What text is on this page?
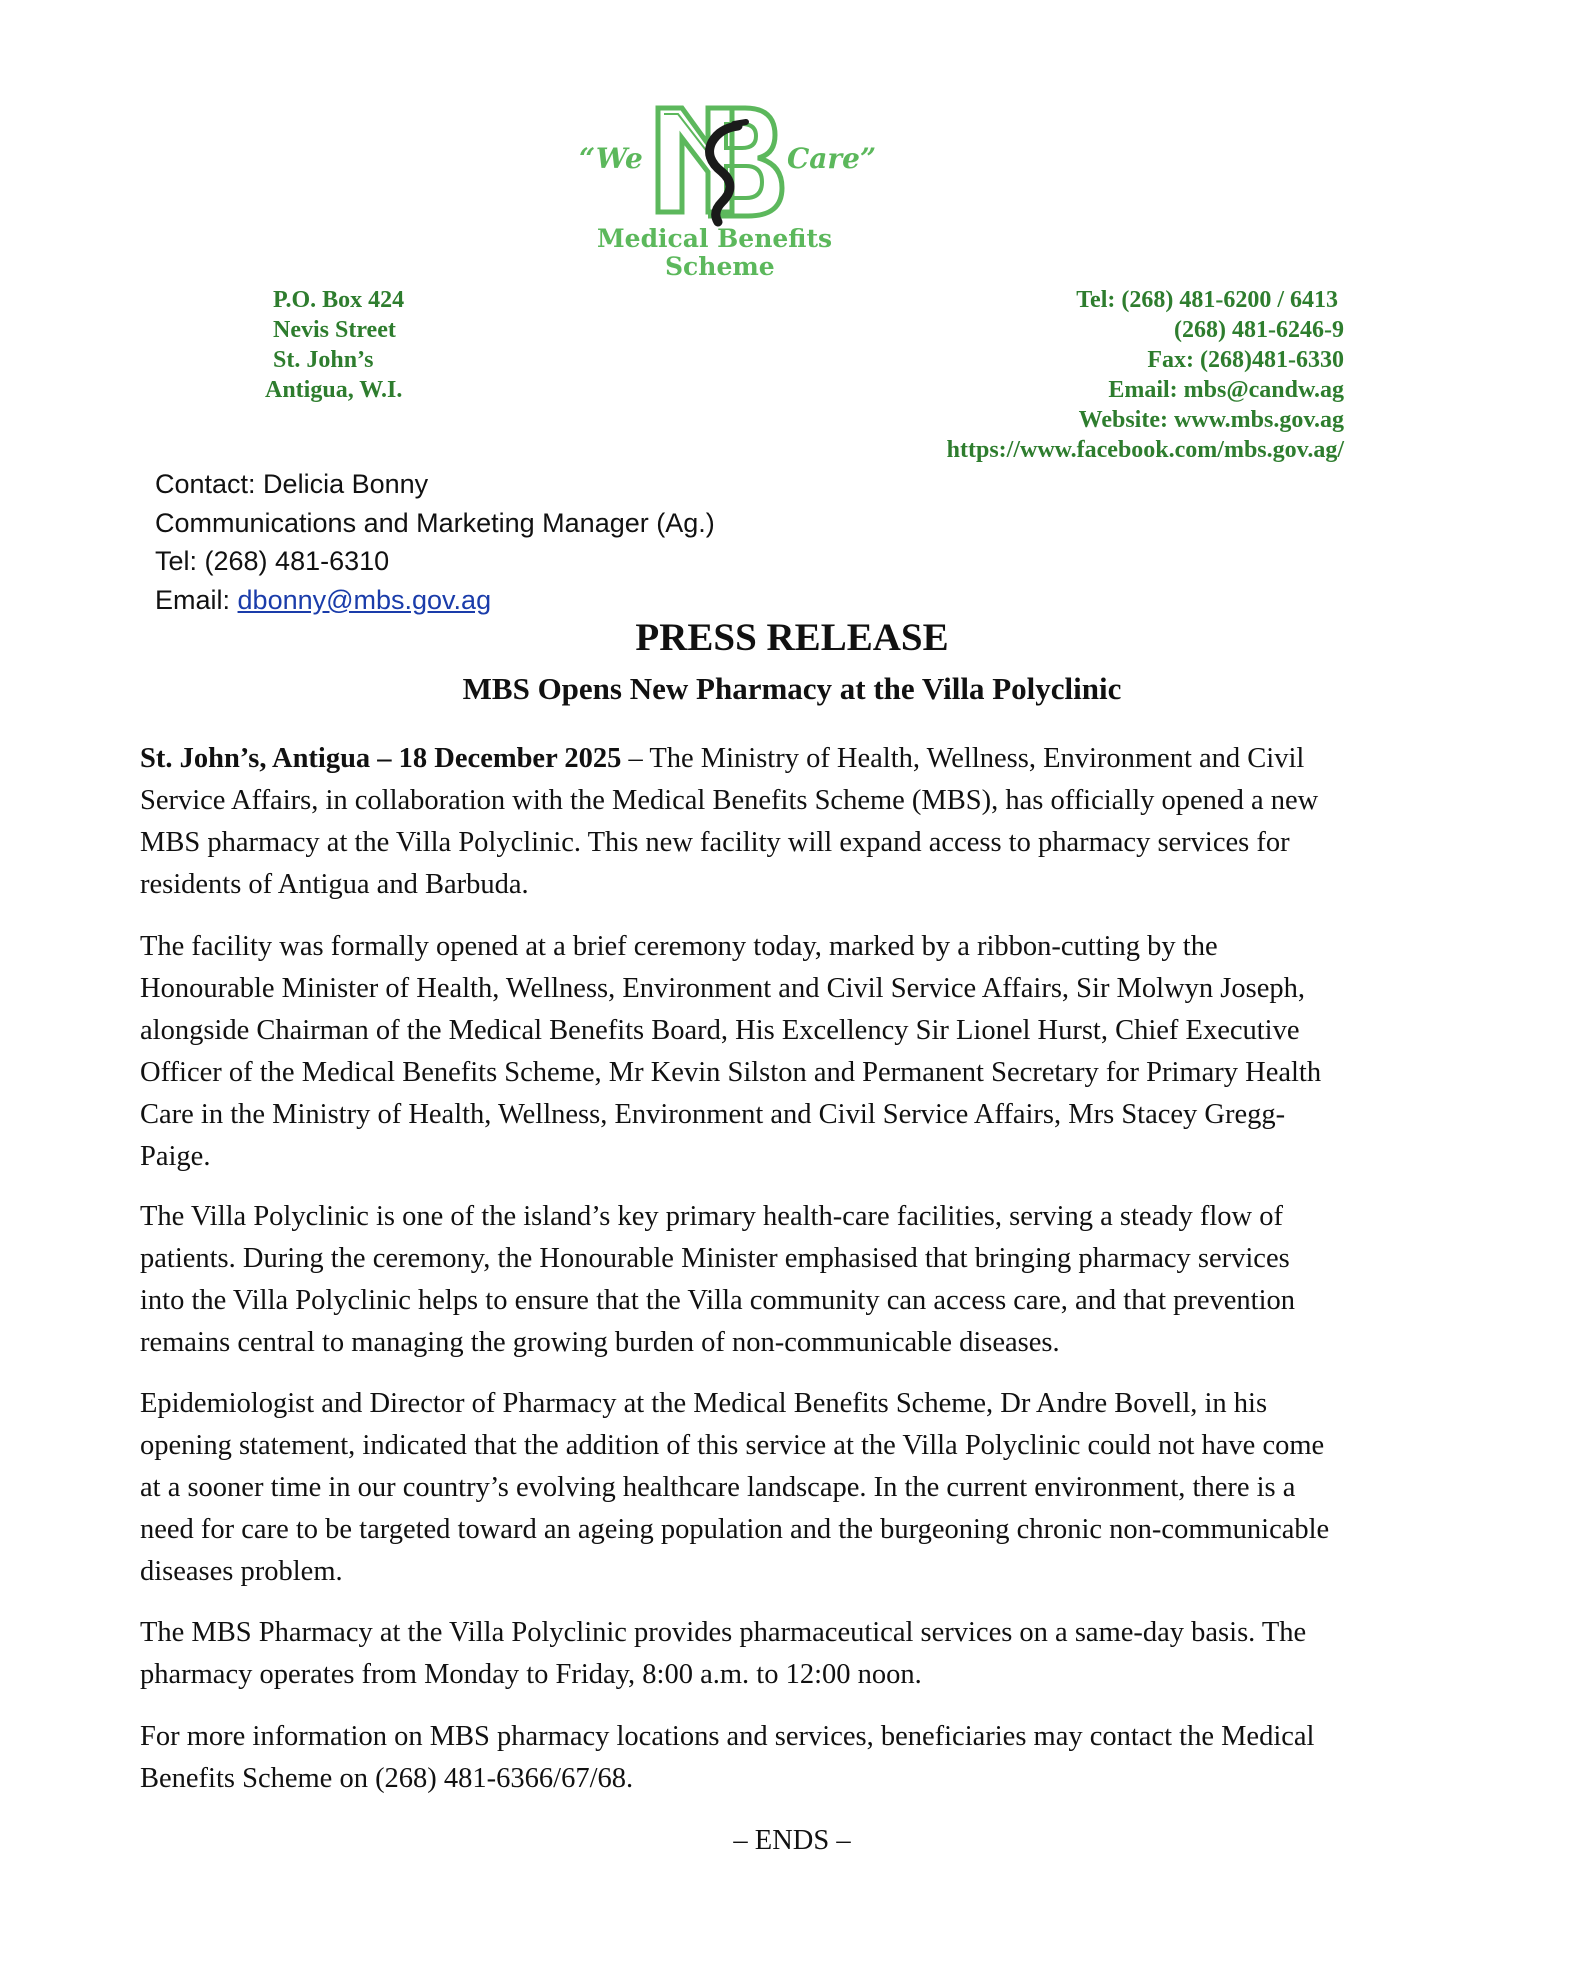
“We	Care”
Medical Benefits
Scheme
P.O. Box 424
Nevis Street
St. John’s
Antigua, W.I.
Tel: (268) 481-6200 / 6413
(268) 481-6246-9
Fax: (268)481-6330
Email: mbs@candw.ag
Website: www.mbs.gov.ag
https://www.facebook.com/mbs.gov.ag/
Contact: Delicia Bonny
Communications and Marketing Manager (Ag.)
Tel: (268) 481-6310
Email: dbonny@mbs.gov.ag
PRESS RELEASE
MBS Opens New Pharmacy at the Villa Polyclinic
St. John’s, Antigua – 18 December 2025 – The Ministry of Health, Wellness, Environment and Civil
Service Affairs, in collaboration with the Medical Benefits Scheme (MBS), has officially opened a new
MBS pharmacy at the Villa Polyclinic. This new facility will expand access to pharmacy services for
residents of Antigua and Barbuda.
The facility was formally opened at a brief ceremony today, marked by a ribbon-cutting by the
Honourable Minister of Health, Wellness, Environment and Civil Service Affairs, Sir Molwyn Joseph,
alongside Chairman of the Medical Benefits Board, His Excellency Sir Lionel Hurst, Chief Executive
Officer of the Medical Benefits Scheme, Mr Kevin Silston and Permanent Secretary for Primary Health
Care in the Ministry of Health, Wellness, Environment and Civil Service Affairs, Mrs Stacey Gregg-
Paige.
The Villa Polyclinic is one of the island’s key primary health-care facilities, serving a steady flow of
patients. During the ceremony, the Honourable Minister emphasised that bringing pharmacy services
into the Villa Polyclinic helps to ensure that the Villa community can access care, and that prevention
remains central to managing the growing burden of non-communicable diseases.
Epidemiologist and Director of Pharmacy at the Medical Benefits Scheme, Dr Andre Bovell, in his
opening statement, indicated that the addition of this service at the Villa Polyclinic could not have come
at a sooner time in our country’s evolving healthcare landscape. In the current environment, there is a
need for care to be targeted toward an ageing population and the burgeoning chronic non-communicable
diseases problem.
The MBS Pharmacy at the Villa Polyclinic provides pharmaceutical services on a same-day basis. The
pharmacy operates from Monday to Friday, 8:00 a.m. to 12:00 noon.
For more information on MBS pharmacy locations and services, beneficiaries may contact the Medical
Benefits Scheme on (268) 481-6366/67/68.
– ENDS –
